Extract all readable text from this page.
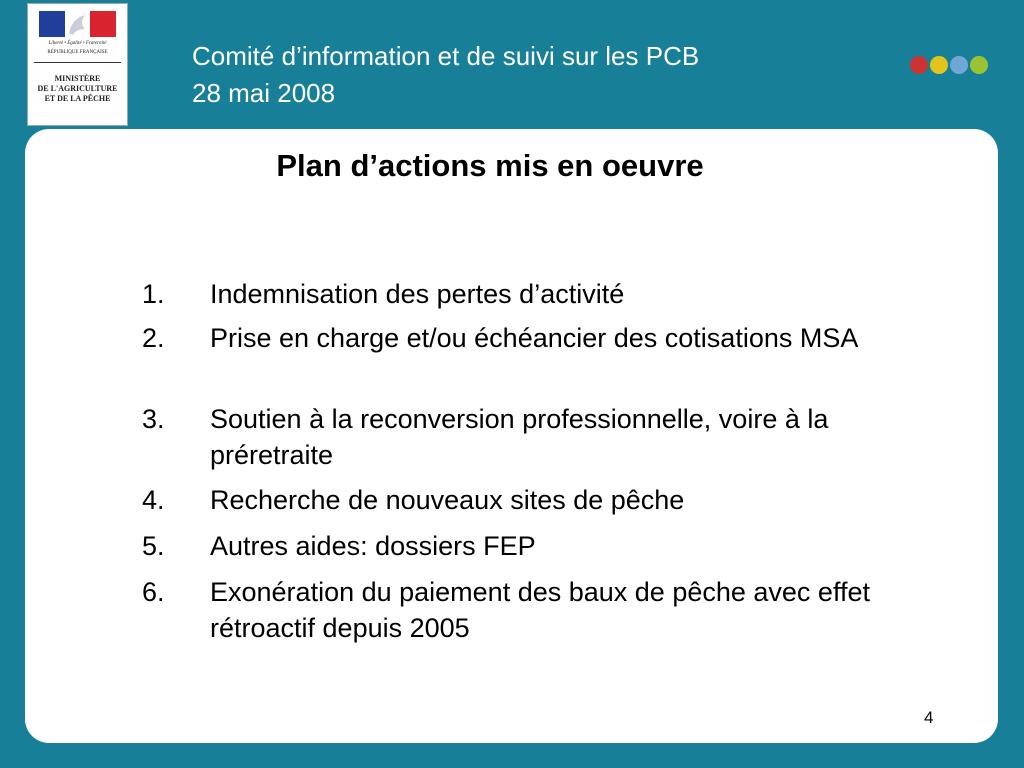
Liberté • Égalité • Fraternité
RÉPUBLIQUE FRANÇAISE
MINISTÈRE
DE L'AGRICULTURE
ET DE LA PÊCHE
Comité d’information et de suivi sur les PCB
28 mai 2008
Plan d’actions mis en oeuvre
1. Indemnisation des pertes d’activité
2. Prise en charge et/ou échéancier des cotisations MSA
3. Soutien à la reconversion professionnelle, voire à la préretraite
4. Recherche de nouveaux sites de pêche
5. Autres aides: dossiers FEP
6. Exonération du paiement des baux de pêche avec effet rétroactif depuis 2005
4
